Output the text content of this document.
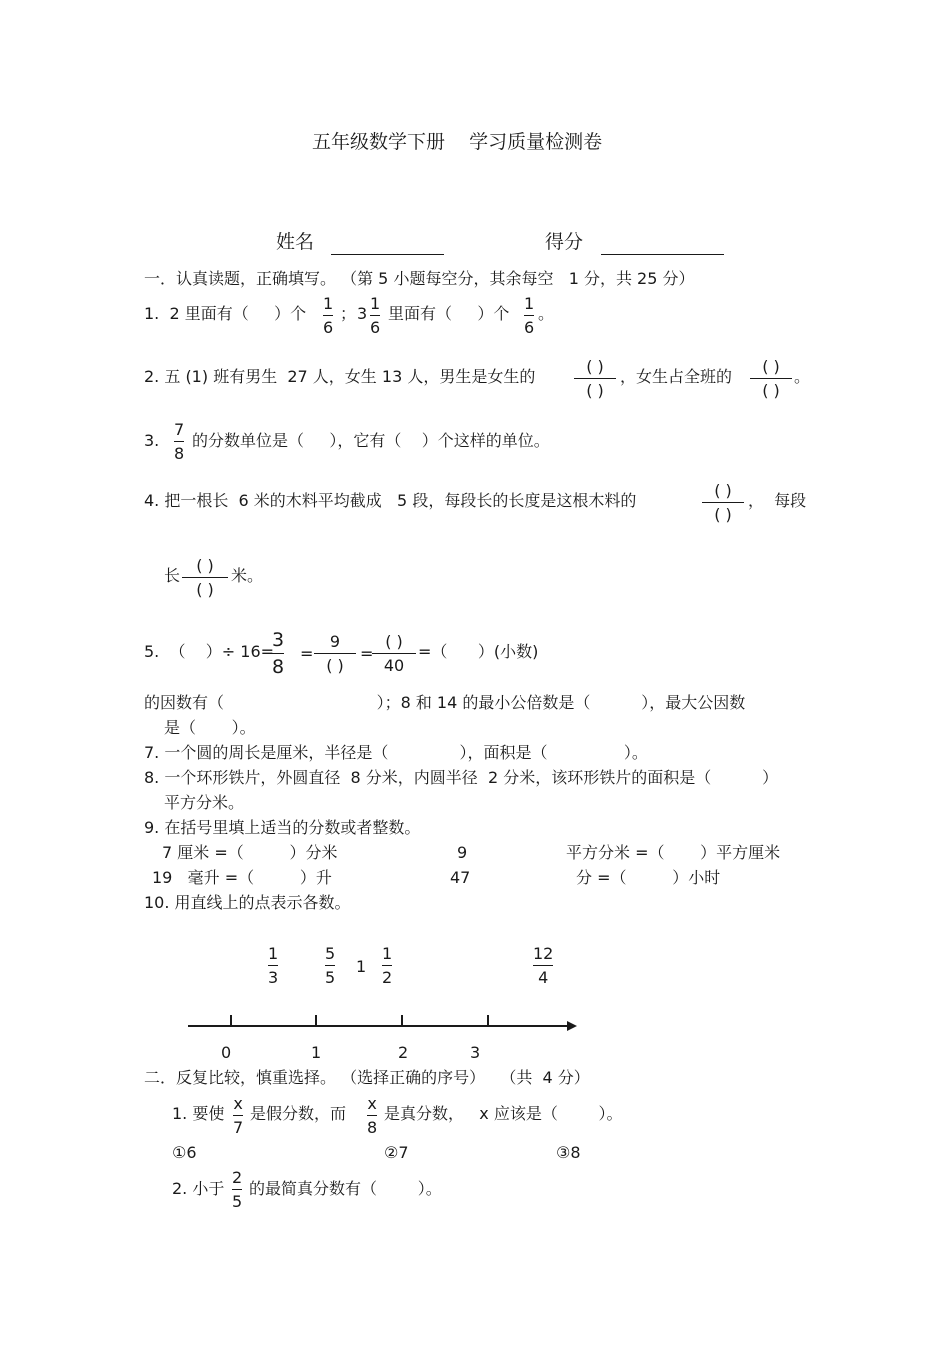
五年级数学下册    学习质量检测卷
姓名	得分
一．认真读题，正确填写。 （第 5 小题每空分，其余每空   1 分，共 25 分）
1.  2 里面有（     ）个 $\frac{1}{6}$ ； $3 \frac{1}{6}$ 里面有（     ）个 $\frac{1}{6}$ 。
2. 五 (1) 班有男生  27 人，女生 13 人，男生是女生的
( )
( )
，女生占全班的
( )
( )
。
3. $\frac{7}{8}$ 的分数单位是（     ），它有（    ）个这样的单位。
4. 把一根长  6 米的木料平均截成   5 段，每段长的长度是这根木料的
( )
( )
，  每段
长
( )
( )
米。
5.  （    ）÷ 16=
$\frac{3}{8}$ =
9
( )
=
( )
40
=（      ）(小数)
的因数有（                              ）；8 和 14 的最小公倍数是（          ），最大公因数
是（       ）。
7. 一个圆的周长是厘米，半径是（              ），面积是（               ）。
8. 一个环形铁片，外圆直径  8 分米，内圆半径  2 分米，该环形铁片的面积是（          ）
平方分米。
9. 在括号里填上适当的分数或者整数。
7 厘米 =（         ）分米	9	平方分米 =（       ）平方厘米
19   毫升 =（         ）升	47	分 =（         ）小时
10. 用直线上的点表示各数。
$\frac{1}{3}$	$\frac{5}{5} 1 \frac{1}{2}$	$\frac{12}{4}$
0	1	2	3
二．反复比较，慎重选择。 （选择正确的序号）   （共  4 分）
1. 要使 $\frac{x}{7}$ 是假分数，而 $\frac{x}{8}$ 是真分数，   x 应该是（        ）。
①6	②7	③8
2. 小于 $\frac{2}{5}$ 的最简真分数有（        ）。
